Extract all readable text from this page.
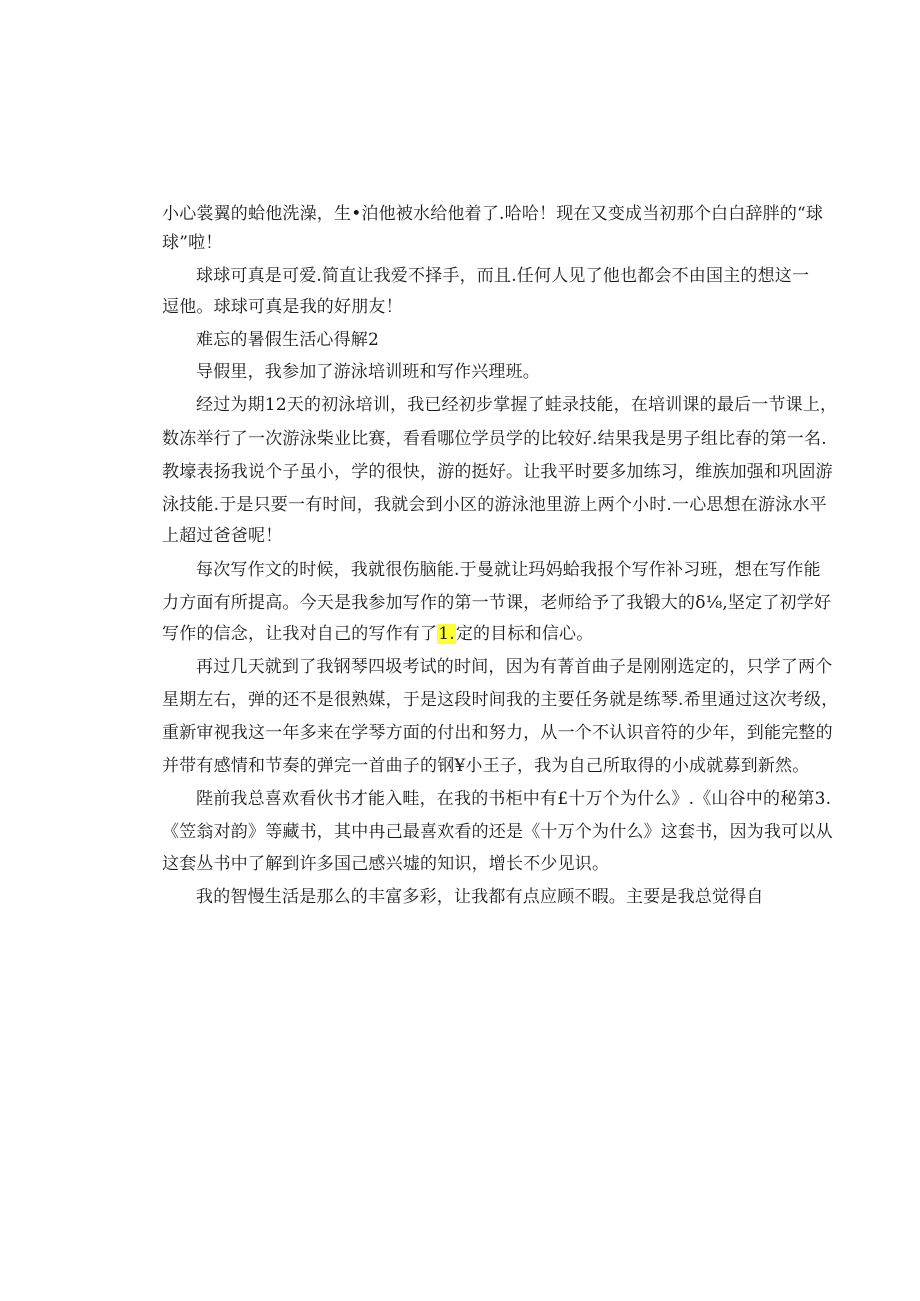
小心裳翼的蛤他洗澡，生•泊他被水给他着了.哈哈！现在又变成当初那个白白辞胖的“球
球”啦！
球球可真是可爱.简直让我爱不择手，而且.任何人见了他也都会不由国主的想这一
逗他。球球可真是我的好朋友！
难忘的暑假生活心得解2
导假里，我参加了游泳培训班和写作兴理班。
经过为期12天的初泳培训，我已经初步掌握了蛙录技能，在培训课的最后一节课上，
数冻举行了一次游泳柴业比赛，看看哪位学员学的比较好.结果我是男子组比春的第一名.
教壕表扬我说个子虽小，学的很快，游的挺好。让我平时要多加练习，维族加强和巩固游
泳技能.于是只要一有时间，我就会到小区的游泳池里游上两个小时.一心思想在游泳水平
上超过爸爸呢！
每次写作文的时候，我就很伤脑能.于曼就让玛妈蛤我报个写作补习班，想在写作能
力方面有所提高。今天是我参加写作的第一节课，老师给予了我锻大的δ⅛,坚定了初学好
写作的信念，让我对自己的写作有了1.定的目标和信心。
再过几天就到了我钢琴四圾考试的时间，因为有菁首曲子是刚刚选定的，只学了两个
星期左右，弹的还不是很熟媒，于是这段时间我的主要任务就是练琴.希里通过这次考级，
重新审视我这一年多来在学琴方面的付出和努力，从一个不认识音符的少年，到能完整的
并带有感情和节奏的弹完一首曲子的钢¥小王子，我为自己所取得的小成就募到新然。
陛前我总喜欢看伙书才能入畦，在我的书柜中有£十万个为什么》.《山谷中的秘第3.
《笠翁对韵》等藏书，其中冉己最喜欢看的还是《十万个为什么》这套书，因为我可以从
这套丛书中了解到许多国己感兴墟的知识，增长不少见识。
我的智慢生活是那么的丰富多彩，让我都有点应顾不暇。主要是我总觉得自
